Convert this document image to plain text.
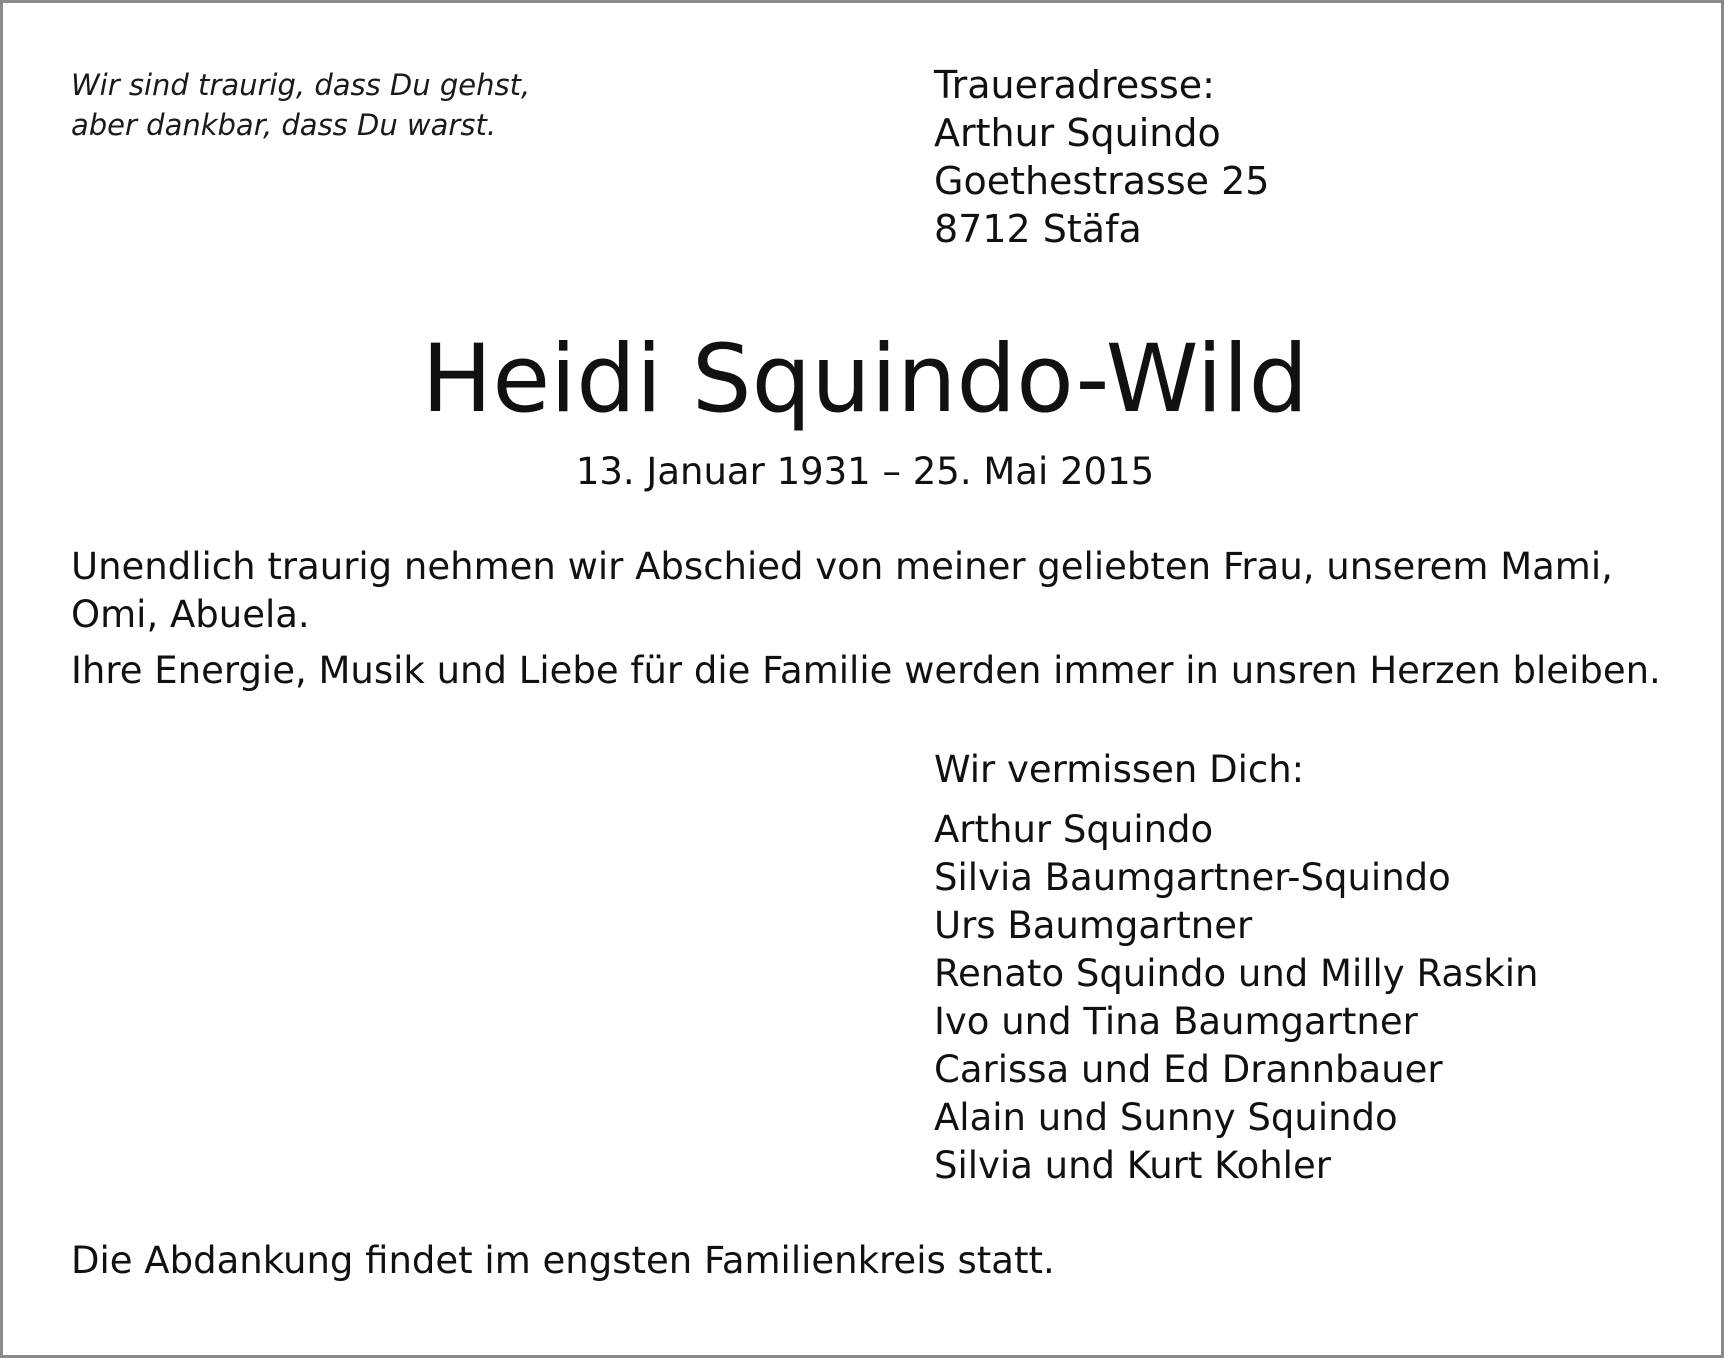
Wir sind traurig, dass Du gehst,
aber dankbar, dass Du warst.
Traueradresse:
Arthur Squindo
Goethestrasse 25
8712 Stäfa
Heidi Squindo-Wild
13. Januar 1931 – 25. Mai 2015

Unendlich traurig nehmen wir Abschied von meiner geliebten Frau, unserem Mami, Omi, Abuela.

Ihre Energie, Musik und Liebe für die Familie werden immer in unsren Herzen bleiben.

Wir vermissen Dich:
Arthur Squindo
Silvia Baumgartner-Squindo
Urs Baumgartner
Renato Squindo und Milly Raskin
Ivo und Tina Baumgartner
Carissa und Ed Drannbauer
Alain und Sunny Squindo
Silvia und Kurt Kohler
Die Abdankung findet im engsten Familienkreis statt.
